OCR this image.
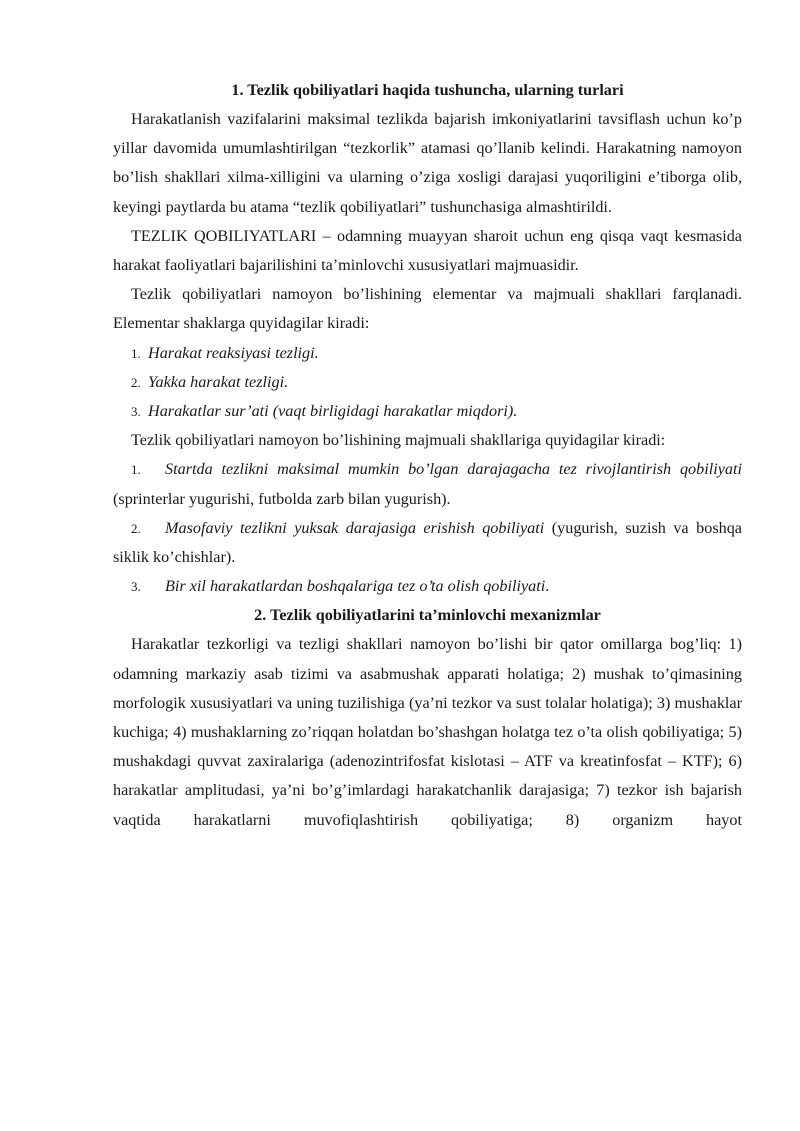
1. Tezlik qobiliyatlari haqida tushuncha, ularning turlari

Harakatlanish vazifalarini maksimal tezlikda bajarish imkoniyatlarini tavsiflash uchun ko’p yillar davomida umumlashtirilgan “tezkorlik” atamasi qo’llanib kelindi. Harakatning namoyon bo’lish shakllari xilma-xilligini va ularning o’ziga xosligi darajasi yuqoriligini e’tiborga olib, keyingi paytlarda bu atama “tezlik qobiliyatlari” tushunchasiga almashtirildi.

TEZLIK QOBILIYATLARI – odamning muayyan sharoit uchun eng qisqa vaqt kesmasida harakat faoliyatlari bajarilishini ta’minlovchi xususiyatlari majmuasidir.

Tezlik qobiliyatlari namoyon bo’lishining elementar va majmuali shakllari farqlanadi. Elementar shaklarga quyidagilar kiradi:

1. Harakat reaksiyasi tezligi.

2. Yakka harakat tezligi.

3. Harakatlar sur’ati (vaqt birligidagi harakatlar miqdori).

Tezlik qobiliyatlari namoyon bo’lishining majmuali shakllariga quyidagilar kiradi:

1. Startda tezlikni maksimal mumkin bo’lgan darajagacha tez rivojlantirish qobiliyati (sprinterlar yugurishi, futbolda zarb bilan yugurish).

2. Masofaviy tezlikni yuksak darajasiga erishish qobiliyati (yugurish, suzish va boshqa siklik ko’chishlar).

3. Bir xil harakatlardan boshqalariga tez o’ta olish qobiliyati.

2. Tezlik qobiliyatlarini ta’minlovchi mexanizmlar

Harakatlar tezkorligi va tezligi shakllari namoyon bo’lishi bir qator omillarga bog’liq: 1) odamning markaziy asab tizimi va asabmushak apparati holatiga; 2) mushak to’qimasining morfologik xususiyatlari va uning tuzilishiga (ya’ni tezkor va sust tolalar holatiga); 3) mushaklar kuchiga; 4) mushaklarning zo’riqqan holatdan bo’shashgan holatga tez o’ta olish qobiliyatiga; 5) mushakdagi quvvat zaxiralariga (adenozintrifosfat kislotasi – ATF va kreatinfosfat – KTF); 6) harakatlar amplitudasi, ya’ni bo’g’imlardagi harakatchanlik darajasiga; 7) tezkor ish bajarish vaqtida harakatlarni muvofiqlashtirish qobiliyatiga; 8) organizm hayot
